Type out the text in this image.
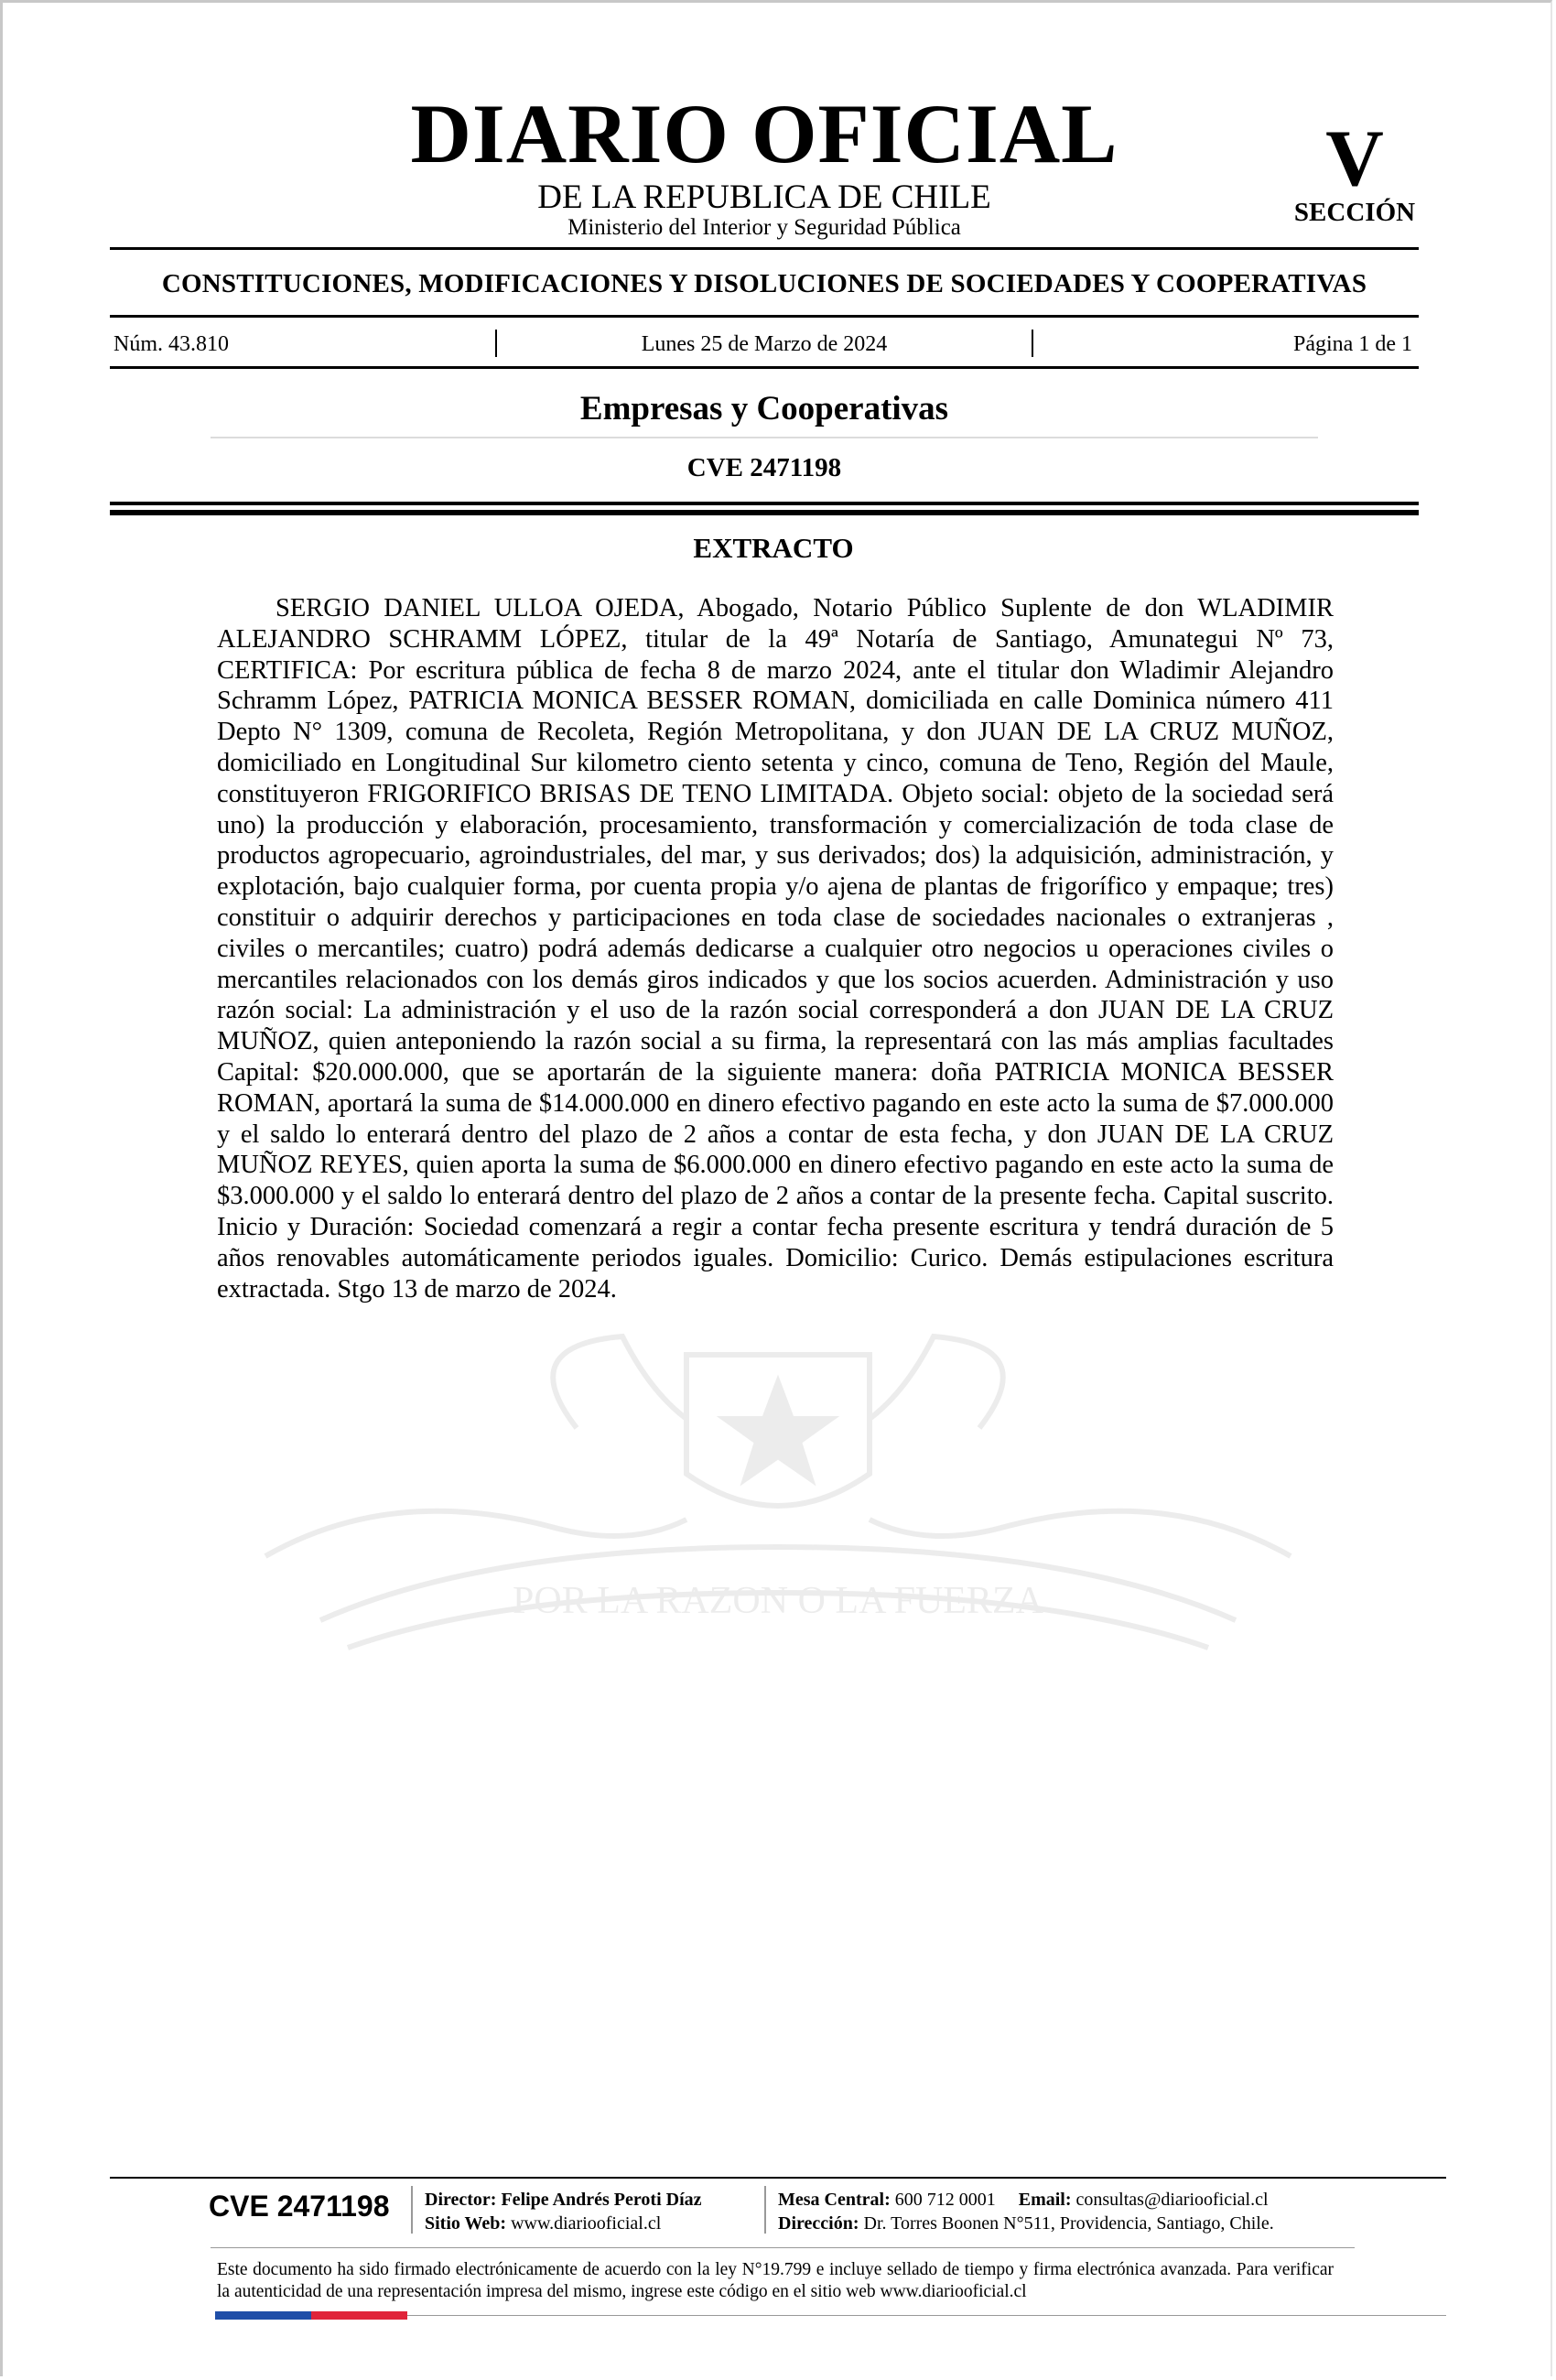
DIARIO OFICIAL
DE LA REPUBLICA DE CHILE
Ministerio del Interior y Seguridad Pública
V
SECCIÓN
CONSTITUCIONES, MODIFICACIONES Y DISOLUCIONES DE SOCIEDADES Y COOPERATIVAS
Núm. 43.810	Lunes 25 de Marzo de 2024	Página 1 de 1
Empresas y Cooperativas
CVE 2471198
POR LA RAZON O LA FUERZA
EXTRACTO
SERGIO DANIEL ULLOA OJEDA, Abogado, Notario Público Suplente de don WLADIMIR ALEJANDRO SCHRAMM LÓPEZ, titular de la 49ª Notaría de Santiago, Amunategui Nº 73, CERTIFICA: Por escritura pública de fecha 8 de marzo 2024, ante el titular don Wladimir Alejandro Schramm López, PATRICIA MONICA BESSER ROMAN, domiciliada en calle Dominica número 411 Depto N° 1309, comuna de Recoleta, Región Metropolitana, y don JUAN DE LA CRUZ MUÑOZ, domiciliado en Longitudinal Sur kilometro ciento setenta y cinco, comuna de Teno, Región del Maule, constituyeron FRIGORIFICO BRISAS DE TENO LIMITADA. Objeto social: objeto de la sociedad será uno) la producción y elaboración, procesamiento, transformación y comercialización de toda clase de productos agropecuario, agroindustriales, del mar, y sus derivados; dos) la adquisición, administración, y explotación, bajo cualquier forma, por cuenta propia y/o ajena de plantas de frigorífico y empaque; tres) constituir o adquirir derechos y participaciones en toda clase de sociedades nacionales o extranjeras , civiles o mercantiles; cuatro) podrá además dedicarse a cualquier otro negocios u operaciones civiles o mercantiles relacionados con los demás giros indicados y que los socios acuerden. Administración y uso razón social: La administración y el uso de la razón social corresponderá a don JUAN DE LA CRUZ MUÑOZ, quien anteponiendo la razón social a su firma, la representará con las más amplias facultades Capital: $20.000.000, que se aportarán de la siguiente manera: doña PATRICIA MONICA BESSER ROMAN, aportará la suma de $14.000.000 en dinero efectivo pagando en este acto la suma de $7.000.000 y el saldo lo enterará dentro del plazo de 2 años a contar de esta fecha, y don JUAN DE LA CRUZ MUÑOZ REYES, quien aporta la suma de $6.000.000 en dinero efectivo pagando en este acto la suma de $3.000.000 y el saldo lo enterará dentro del plazo de 2 años a contar de la presente fecha. Capital suscrito. Inicio y Duración: Sociedad comenzará a regir a contar fecha presente escritura y tendrá duración de 5 años renovables automáticamente periodos iguales. Domicilio: Curico. Demás estipulaciones escritura extractada. Stgo 13 de marzo de 2024.
CVE 2471198 Director: Felipe Andrés Peroti Díaz
Sitio Web: www.diariooficial.cl
Mesa Central: 600 712 0001 Email: consultas@diariooficial.cl
Dirección: Dr. Torres Boonen N°511, Providencia, Santiago, Chile.
Este documento ha sido firmado electrónicamente de acuerdo con la ley N°19.799 e incluye sellado de tiempo y firma electrónica avanzada. Para verificar la autenticidad de una representación impresa del mismo, ingrese este código en el sitio web www.diariooficial.cl
